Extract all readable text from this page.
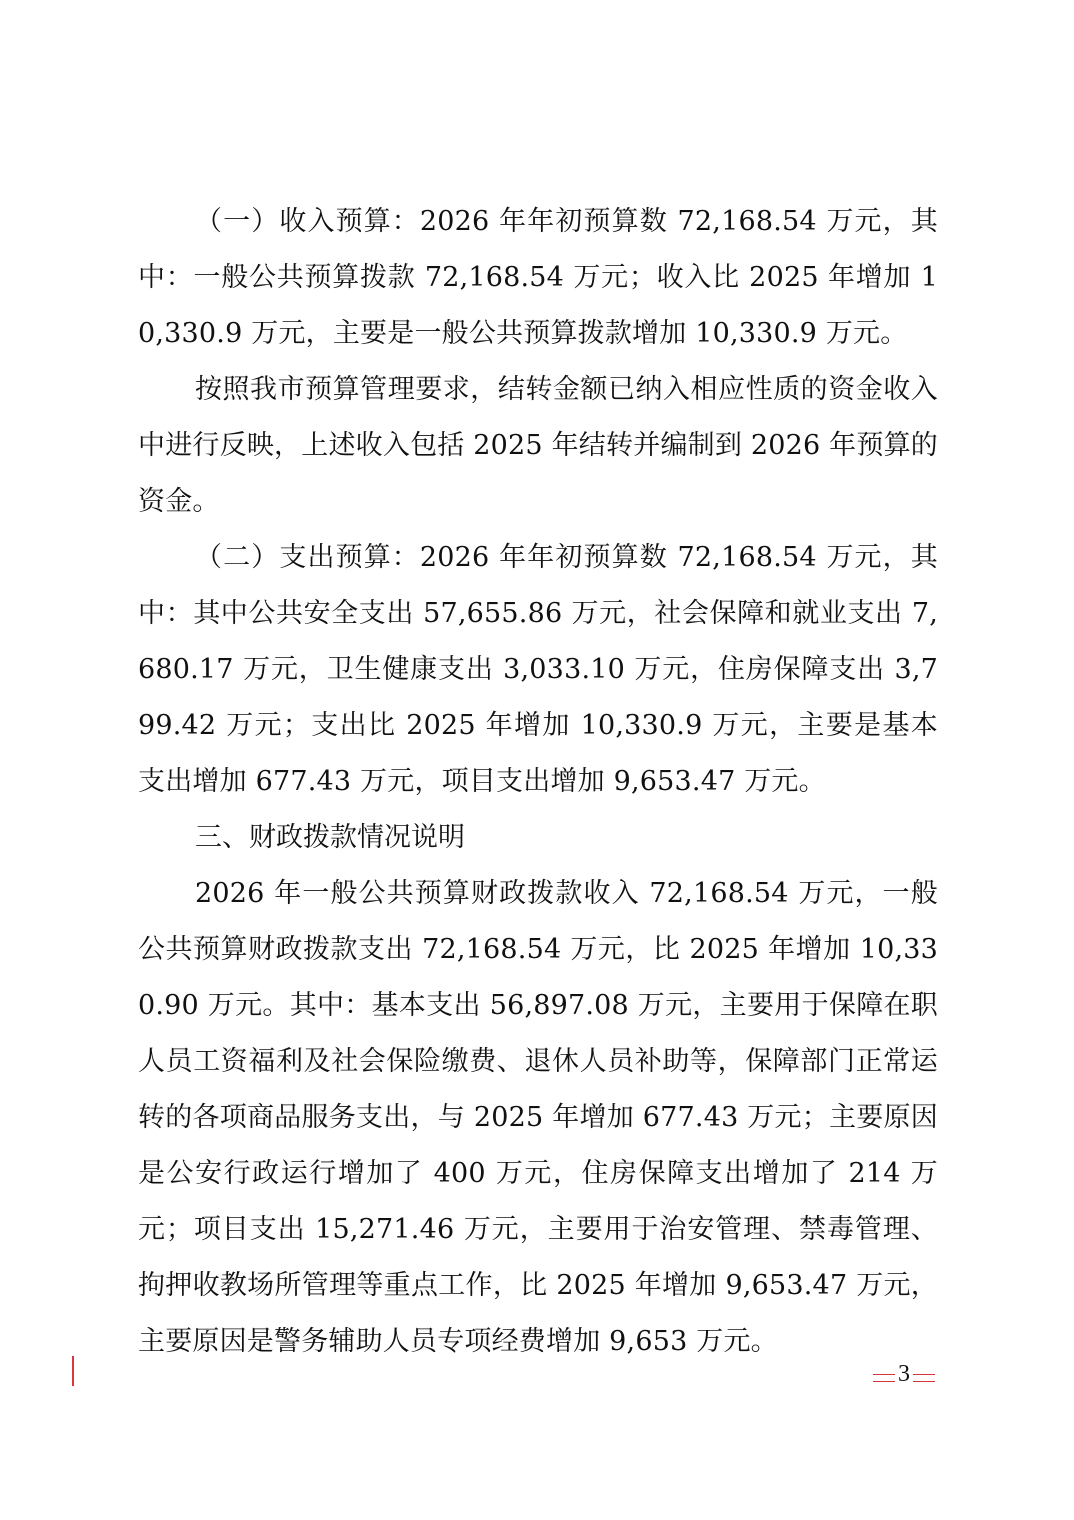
（一）收入预算：2026 年年初预算数 72,168.54 万元，其中：一般公共预算拨款 72,168.54 万元；收入比 2025 年增加 10,330.9 万元，主要是一般公共预算拨款增加 10,330.9 万元。

按照我市预算管理要求，结转金额已纳入相应性质的资金收入中进行反映，上述收入包括 2025 年结转并编制到 2026 年预算的资金。

（二）支出预算：2026 年年初预算数 72,168.54 万元，其中：其中公共安全支出 57,655.86 万元，社会保障和就业支出 7,680.17 万元，卫生健康支出 3,033.10 万元，住房保障支出 3,799.42 万元；支出比 2025 年增加 10,330.9 万元，主要是基本支出增加 677.43 万元，项目支出增加 9,653.47 万元。

三、财政拨款情况说明

2026 年一般公共预算财政拨款收入 72,168.54 万元，一般公共预算财政拨款支出 72,168.54 万元，比 2025 年增加 10,330.90 万元。其中：基本支出 56,897.08 万元，主要用于保障在职人员工资福利及社会保险缴费、退休人员补助等，保障部门正常运转的各项商品服务支出，与 2025 年增加 677.43 万元；主要原因是公安行政运行增加了 400 万元，住房保障支出增加了 214 万元；项目支出 15,271.46 万元，主要用于治安管理、禁毒管理、拘押收教场所管理等重点工作，比 2025 年增加 9,653.47 万元，主要原因是警务辅助人员专项经费增加 9,653 万元。

3
